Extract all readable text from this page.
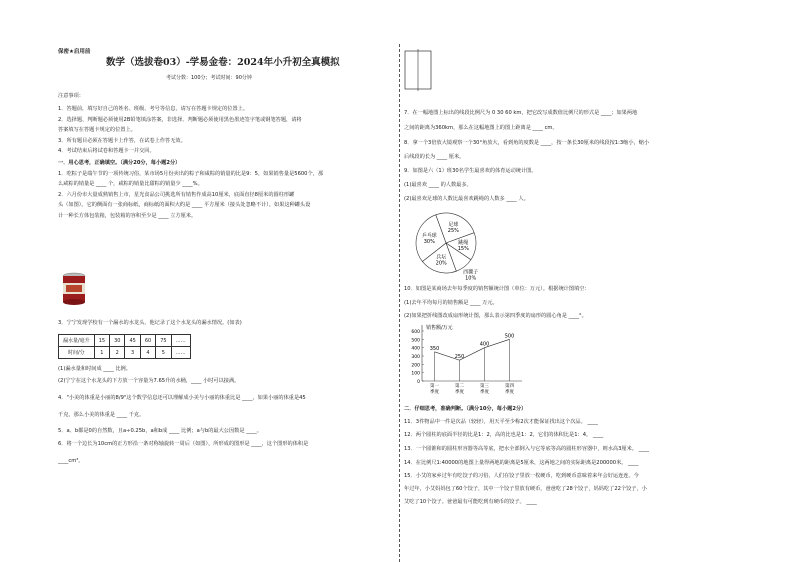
保密★启用前
数学（选拔卷03）-学易金卷：2024年小升初全真模拟
考试分数：100分；考试时间：90分钟
注意事项：
1．答题前，填写好自己的姓名、班级、考号等信息，请写在答题卡规定的位置上。
2．选择题、判断题必须使用2B铅笔填涂答案，非选择、判断题必须使用黑色墨迹签字笔或钢笔答题，请将
答案填写在答题卡规定的位置上。
3．所有题目必须在答题卡上作答，在试卷上作答无效。
4．考试结束后将试卷和答题卡一并交回。
一．用心思考，正确填空。（满分20分，每小题2分）
1．吃粽子是端午节的一项传统习俗，某市场5月份卖出的粽子和咸粽的销量的比是9：5，如果销售量是5600个，那
么咸粽的销量是 ____ 个，咸粽的销量比甜粽的销量少 ____%。
2．六月份市大量成熟销售上市，星光食品公司挑选所有销售作成高10厘米，底面直径8厘米的圆柱形罐
头（如图）。它的侧面有一张商标纸，商标纸的面积大约是 ____ 平方厘米（接头处忽略不计）。如果这种罐头设
计一种长方体包装箱，包装箱的容积至少是 ____ 立方厘米。
3．宁宁发现学校有一个漏水的水龙头，他记录了这个水龙头的漏水情况。(如表)
漏水量/毫升	15	30	45	60	75	……
时间/分	1	2	3	4	5	……
(1)漏水量和时间成 ____ 比例。
(2)宁宁在这个水龙头的下方放一个容量为7.65升的水桶，____ 小时可以接满。
4．"小美的体重是小丽的8/9"这个数学信息还可以理解成小美与小丽的体重比是 ____，如果小丽的体重是45
千克，那么小美的体重是 ____ 千克。
5．a、b都是0的自然数，且a÷0.25b，a和b成 ____ 比例；a与b的最大公因数是 ____。
6．将一个边长为10cm的正方形沿一条对称轴旋转一周后（如图），所形成的图形是 ____，这个图形的体积是
____cm³。
7．在一幅地图上标出的线段比例尺为 0 30 60 km，把它改写成数值比例尺的形式是 ____；如果两地
之间的距离为360km，那么在这幅地图上的图上距离是 ____ cm。
8．拿一个3倍放大镜观察一个30°角放大，看到角的度数是 ____，按一条长30厘米的线段按1:3缩小，缩小
后线段的长为 ____ 厘米。
9．如图是六（1）班30名学生最喜欢的体育运动统计图。
(1)最喜欢 ____ 的人数最多。
(2)最喜欢足球的人数比最喜欢跳绳的人数多 ____ 人。
足球
25%
跳绳
15%
西毽子
10%
兵坛
20%
乒乓球
30%
10．如图是某商场去年每季度的销售额统计图（单位：万元）。根据统计图填空：
(1)去年平均每月的销售额是 ____ 万元。
(2)如果把折线图改成扇形统计图，那么表示第四季度的扇形的圆心角是 ____°。
销售额/万元
0
100
200
300
400
500
600
350
第一
季度
250
第二
季度
400
第三
季度
500
第四
季度
二．仔细思考，准确判断。（满分10分，每小题2分）
11．3件物品中一件是次品（较轻），用天平至少称2次才能保证找出这个次品。 ____
12．两个圆柱的底面半径的比是1：2，高的比也是1：2，它们的体积比是1：4。 ____
13．一个圆锥和的圆柱形容器等高等底，把水全部倒入与它等底等高的圆柱形容器中，则水高3厘米。 ____
14．在比例尺1:40000的地图上量得两地的距离是5厘米，这两地之间的实际距离是200000米。 ____
15．小艾的家乡过年有吃饺子的习俗，人们在饺子里放一枚硬币，吃到硬币意味着来年会好运连连。今
年过年，小艾妈妈包了60个饺子，其中一个饺子里放有硬币，爸爸吃了28个饺子，妈妈吃了22个饺子，小
艾吃了10个饺子。爸爸最有可能吃到有硬币的饺子。 ____
